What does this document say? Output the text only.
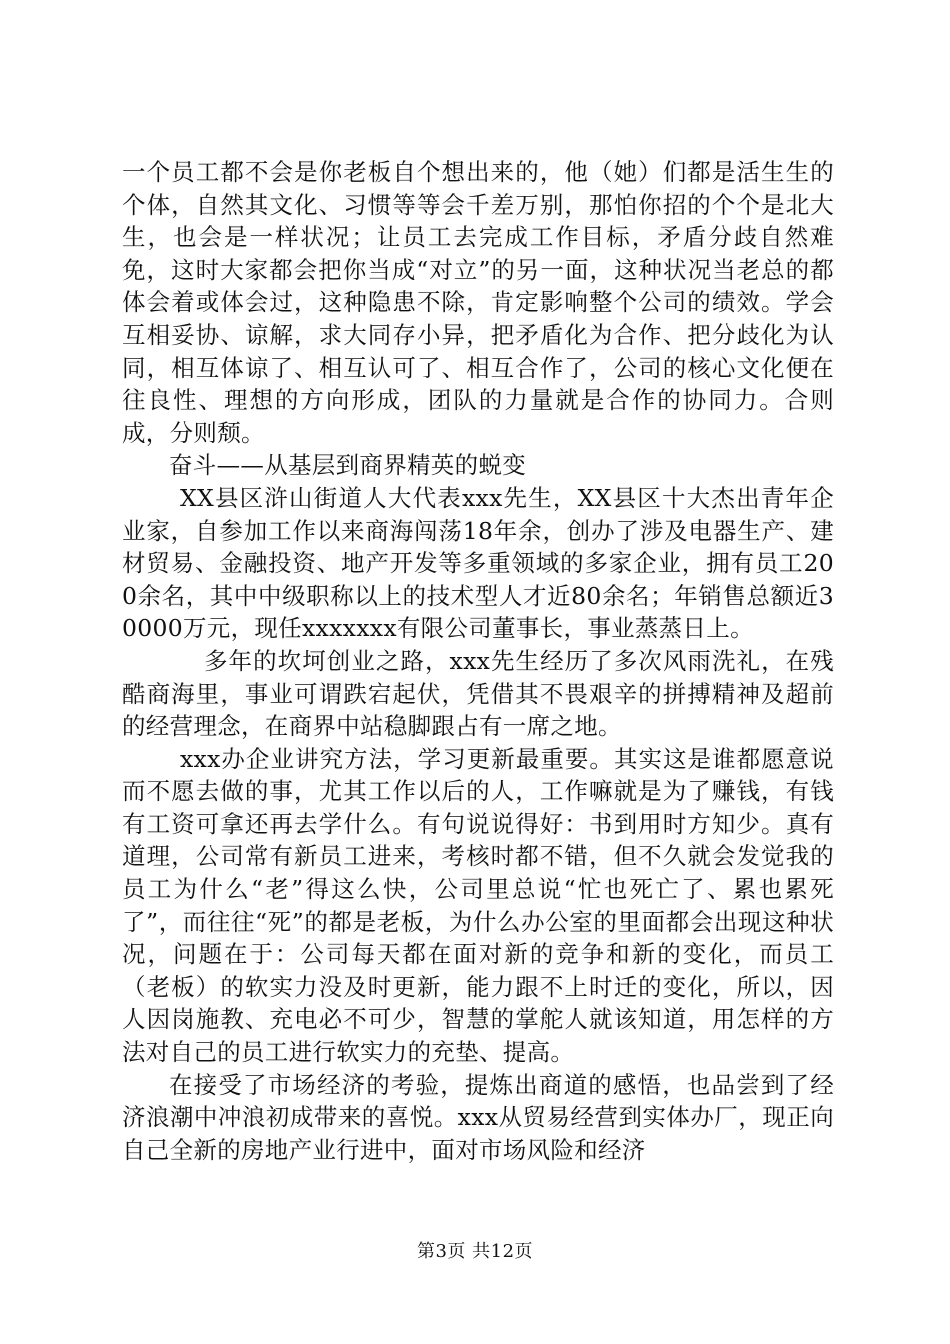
一个员工都不会是你老板自个想出来的，他（她）们都是活生生的个体，自然其文化、习惯等等会千差万别，那怕你招的个个是北大生，也会是一样状况；让员工去完成工作目标，矛盾分歧自然难免，这时大家都会把你当成“对立”的另一面，这种状况当老总的都体会着或体会过，这种隐患不除，肯定影响整个公司的绩效。学会互相妥协、谅解，求大同存小异，把矛盾化为合作、把分歧化为认同，相互体谅了、相互认可了、相互合作了，公司的核心文化便在往良性、理想的方向形成，团队的力量就是合作的协同力。合则成，分则颓。

奋斗——从基层到商界精英的蜕变

XX县区浒山街道人大代表xxx先生，XX县区十大杰出青年企业家，自参加工作以来商海闯荡18年余，创办了涉及电器生产、建材贸易、金融投资、地产开发等多重领域的多家企业，拥有员工200余名，其中中级职称以上的技术型人才近80余名；年销售总额近30000万元，现任xxxxxxx有限公司董事长，事业蒸蒸日上。

多年的坎坷创业之路，xxx先生经历了多次风雨洗礼，在残酷商海里，事业可谓跌宕起伏，凭借其不畏艰辛的拼搏精神及超前的经营理念，在商界中站稳脚跟占有一席之地。

xxx办企业讲究方法，学习更新最重要。其实这是谁都愿意说而不愿去做的事，尤其工作以后的人，工作嘛就是为了赚钱，有钱有工资可拿还再去学什么。有句说说得好：书到用时方知少。真有道理，公司常有新员工进来，考核时都不错，但不久就会发觉我的员工为什么“老”得这么快，公司里总说“忙也死亡了、累也累死了”，而往往“死”的都是老板，为什么办公室的里面都会出现这种状况，问题在于：公司每天都在面对新的竞争和新的变化，而员工（老板）的软实力没及时更新，能力跟不上时迁的变化，所以，因人因岗施教、充电必不可少，智慧的掌舵人就该知道，用怎样的方法对自己的员工进行软实力的充垫、提高。

在接受了市场经济的考验，提炼出商道的感悟，也品尝到了经济浪潮中冲浪初成带来的喜悦。xxx从贸易经营到实体办厂，现正向自己全新的房地产业行进中，面对市场风险和经济

第3页 共12页
